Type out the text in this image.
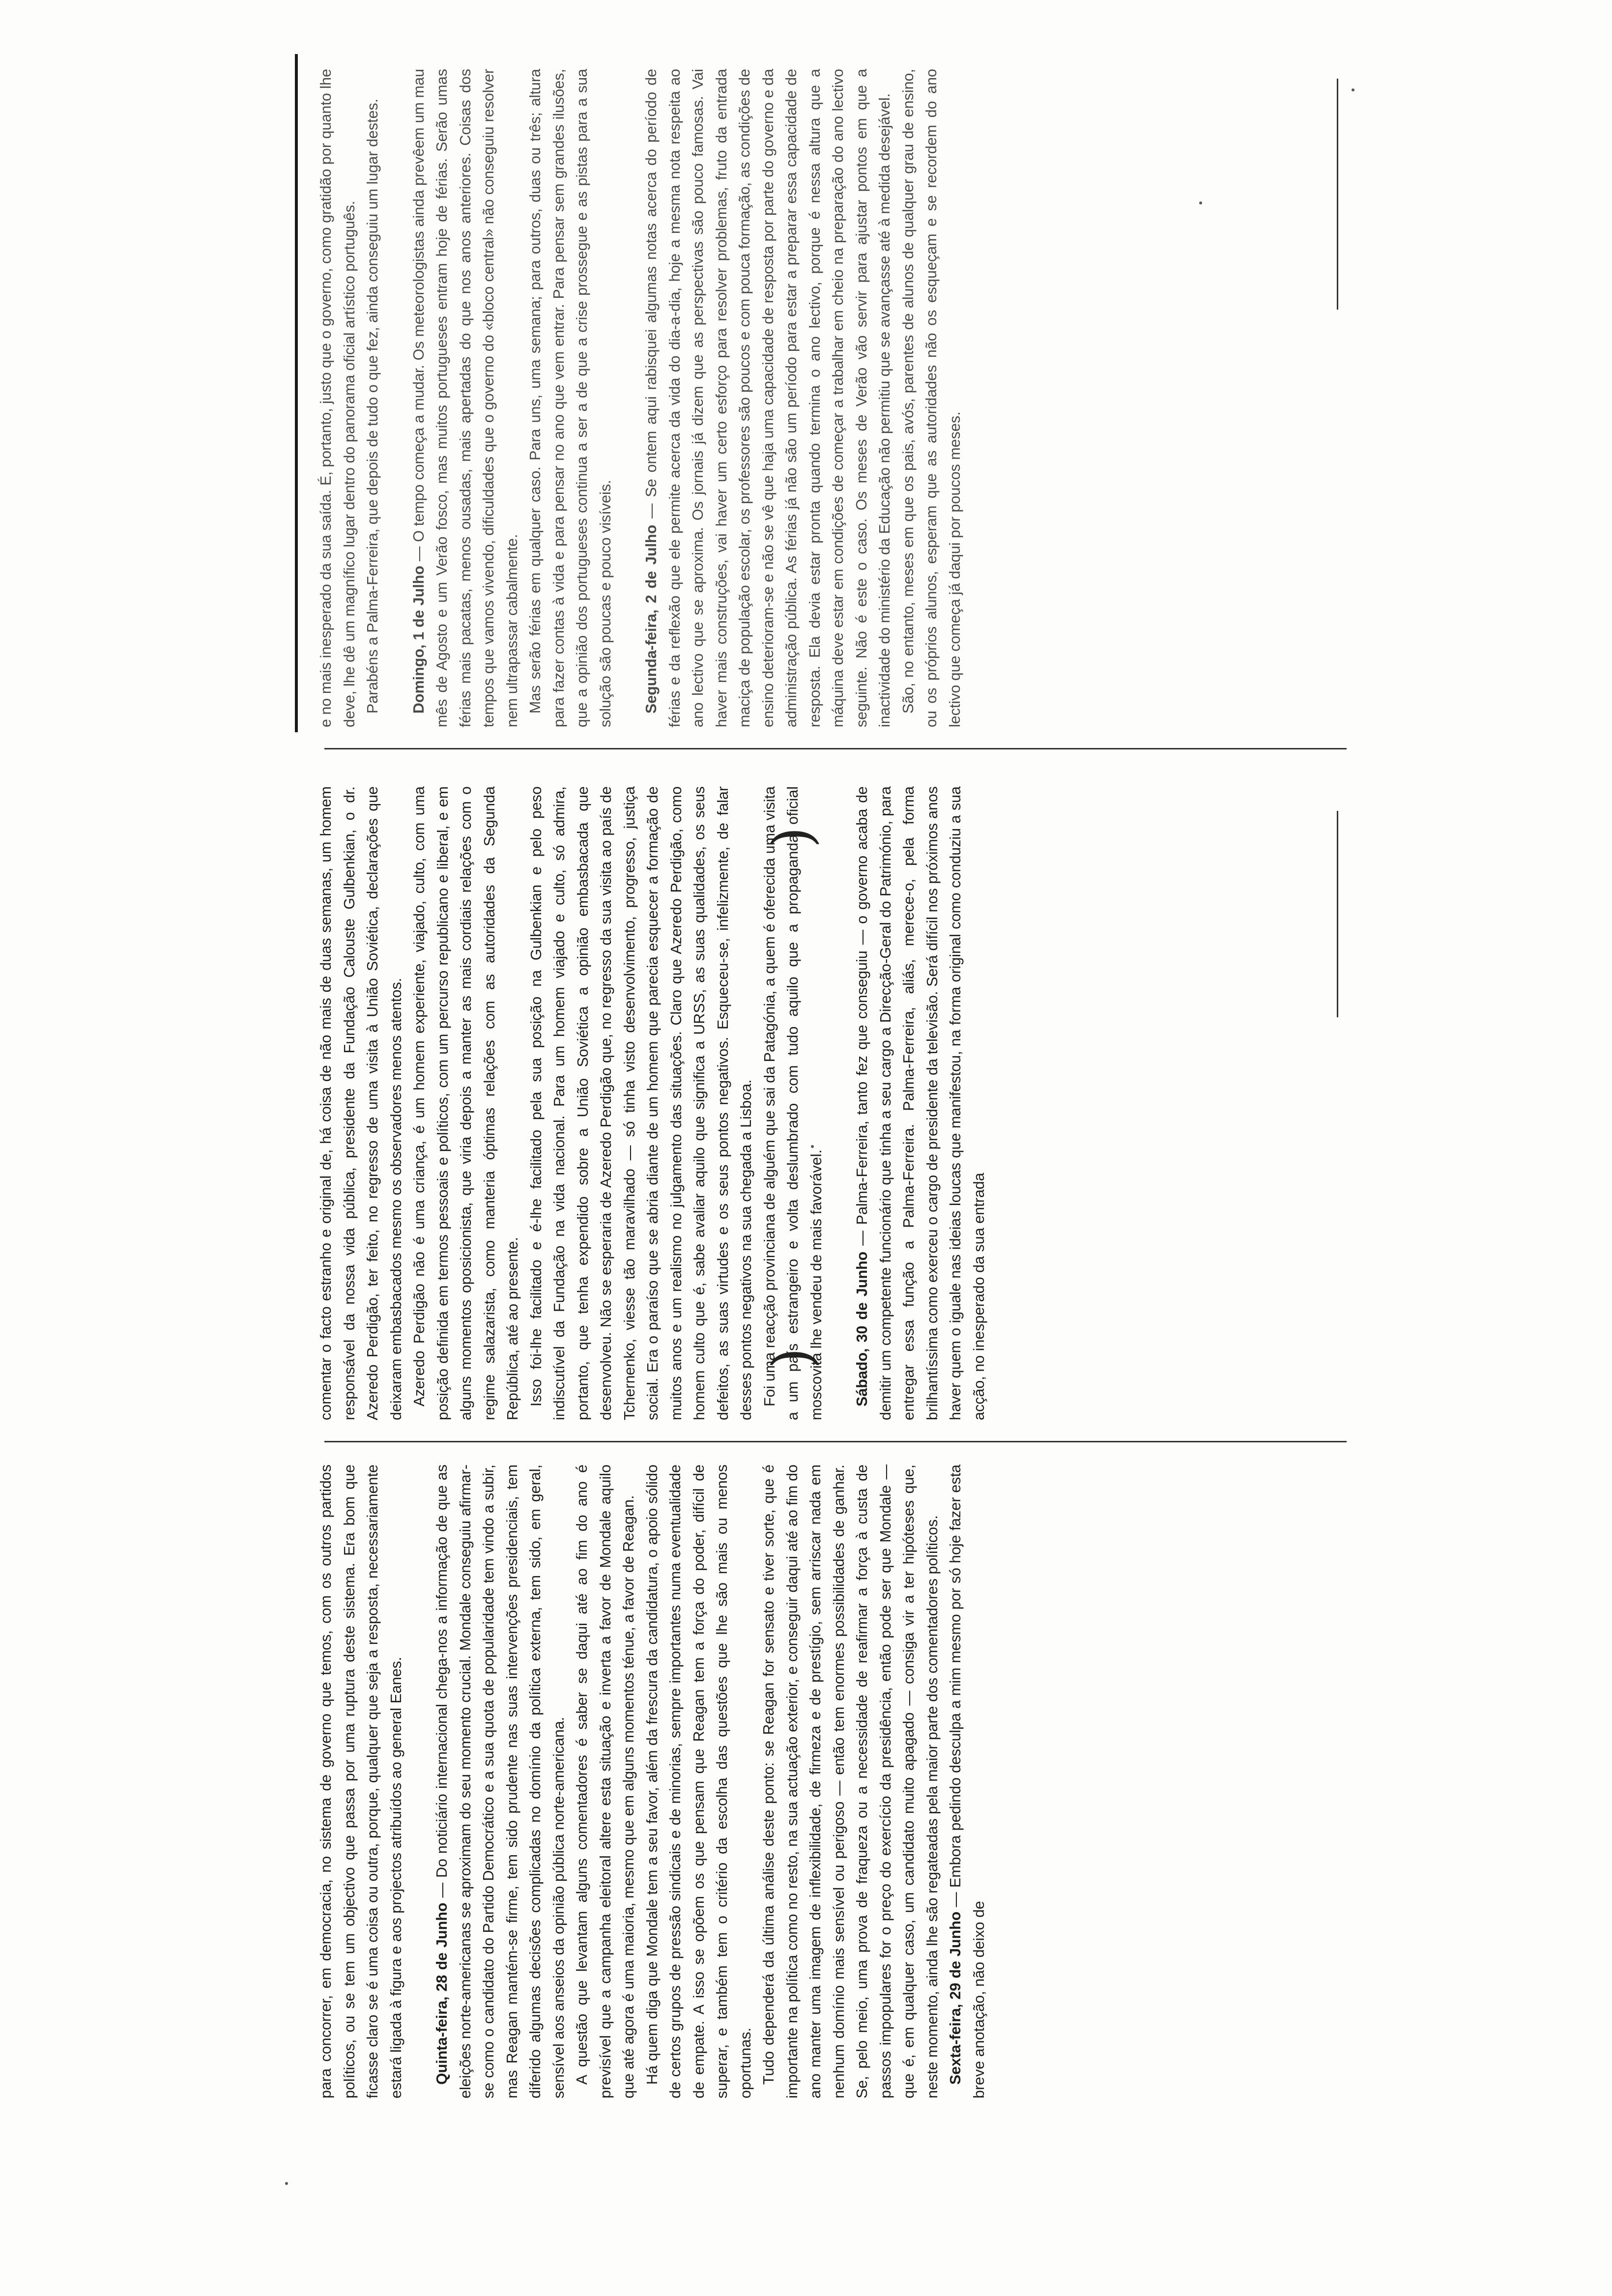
(
(

para concorrer, em democracia, no sistema de governo que temos, com os outros partidos políticos, ou se tem um objectivo que passa por uma ruptura deste sistema. Era bom que ficasse claro se é uma coisa ou outra, porque, qualquer que seja a resposta, necessariamente estará ligada à figura e aos projectos atribuídos ao general Eanes. Quinta-feira, 28 de Junho — Do noticiário internacional chega-nos a informação de que as eleições norte-americanas se aproximam do seu momento crucial. Mondale conseguiu afirmar-se como o candidato do Partido Democrático e a sua quota de popularidade tem vindo a subir, mas Reagan mantém-se firme, tem sido prudente nas suas intervenções presidenciais, tem diferido algumas decisões complicadas no domínio da política externa, tem sido, em geral, sensível aos anseios da opinião pública norte-americana. A questão que levantam alguns comentadores é saber se daqui até ao fim do ano é previsível que a campanha eleitoral altere esta situação e inverta a favor de Mondale aquilo que até agora é uma maioria, mesmo que em alguns momentos ténue, a favor de Reagan. Há quem diga que Mondale tem a seu favor, além da frescura da candidatura, o apoio sólido de certos grupos de pressão sindicais e de minorias, sempre importantes numa eventualidade de empate. A isso se opõem os que pensam que Reagan tem a força do poder, difícil de superar, e também tem o critério da escolha das questões que lhe são mais ou menos oportunas. Tudo dependerá da última análise deste ponto: se Reagan for sensato e tiver sorte, que é importante na política como no resto, na sua actuação exterior, e conseguir daqui até ao fim do ano manter uma imagem de inflexibilidade, de firmeza e de prestígio, sem arriscar nada em nenhum domínio mais sensível ou perigoso — então tem enormes possibilidades de ganhar. Se, pelo meio, uma prova de fraqueza ou a necessidade de reafirmar a força à custa de passos impopulares for o preço do exercício da presidência, então pode ser que Mondale — que é, em qualquer caso, um candidato muito apagado — consiga vir a ter hipóteses que, neste momento, ainda lhe são regateadas pela maior parte dos comentadores políticos. Sexta-feira, 29 de Junho — Embora pedindo desculpa a mim mesmo por só hoje fazer esta breve anotação, não deixo de

comentar o facto estranho e original de, há coisa de não mais de duas semanas, um homem responsável da nossa vida pública, presidente da Fundação Calouste Gulbenkian, o dr. Azeredo Perdigão, ter feito, no regresso de uma visita à União Soviética, declarações que deixaram embasbacados mesmo os observadores menos atentos. Azeredo Perdigão não é uma criança, é um homem experiente, viajado, culto, com uma posição definida em termos pessoais e políticos, com um percurso republicano e liberal, e em alguns momentos oposicionista, que viria depois a manter as mais cordiais relações com o regime salazarista, como manteria óptimas relações com as autoridades da Segunda República, até ao presente. Isso foi-lhe facilitado e é-lhe facilitado pela sua posição na Gulbenkian e pelo peso indiscutível da Fundação na vida nacional. Para um homem viajado e culto, só admira, portanto, que tenha expendido sobre a União Soviética a opinião embasbacada que desenvolveu. Não se esperaria de Azeredo Perdigão que, no regresso da sua visita ao país de Tchernenko, viesse tão maravilhado — só tinha visto desenvolvimento, progresso, justiça social. Era o paraíso que se abria diante de um homem que parecia esquecer a formação de muitos anos e um realismo no julgamento das situações. Claro que Azeredo Perdigão, como homem culto que é, sabe avaliar aquilo que significa a URSS, as suas qualidades, os seus defeitos, as suas virtudes e os seus pontos negativos. Esqueceu-se, infelizmente, de falar desses pontos negativos na sua chegada a Lisboa. Foi uma reacção provinciana de alguém que sai da Patagónia, a quem é oferecida uma visita a um país estrangeiro e volta deslumbrado com tudo aquilo que a propaganda oficial moscovita lhe vendeu de mais favorável. Sábado, 30 de Junho — Palma-Ferreira, tanto fez que conseguiu — o governo acaba de demitir um competente funcionário que tinha a seu cargo a Direcção-Geral do Património, para entregar essa função a Palma-Ferreira. Palma-Ferreira, aliás, merece-o, pela forma brilhantíssima como exerceu o cargo de presidente da televisão. Será difícil nos próximos anos haver quem o iguale nas ideias loucas que manifestou, na forma original como conduziu a sua acção, no inesperado da sua entrada

e no mais inesperado da sua saída. É, portanto, justo que o governo, como gratidão por quanto lhe deve, lhe dê um magnífico lugar dentro do panorama oficial artístico português. Parabéns a Palma-Ferreira, que depois de tudo o que fez, ainda conseguiu um lugar destes. Domingo, 1 de Julho — O tempo começa a mudar. Os meteorologistas ainda prevêem um mau mês de Agosto e um Verão fosco, mas muitos portugueses entram hoje de férias. Serão umas férias mais pacatas, menos ousadas, mais apertadas do que nos anos anteriores. Coisas dos tempos que vamos vivendo, dificuldades que o governo do «bloco central» não conseguiu resolver nem ultrapassar cabalmente. Mas serão férias em qualquer caso. Para uns, uma semana; para outros, duas ou três; altura para fazer contas à vida e para pensar no ano que vem entrar. Para pensar sem grandes ilusões, que a opinião dos portugueses continua a ser a de que a crise prossegue e as pistas para a sua solução são poucas e pouco visíveis. Segunda-feira, 2 de Julho — Se ontem aqui rabisquei algumas notas acerca do período de férias e da reflexão que ele permite acerca da vida do dia-a-dia, hoje a mesma nota respeita ao ano lectivo que se aproxima. Os jornais já dizem que as perspectivas são pouco famosas. Vai haver mais construções, vai haver um certo esforço para resolver problemas, fruto da entrada maciça de população escolar, os professores são poucos e com pouca formação, as condições de ensino deterioram-se e não se vê que haja uma capacidade de resposta por parte do governo e da administração pública. As férias já não são um período para estar a preparar essa capacidade de resposta. Ela devia estar pronta quando termina o ano lectivo, porque é nessa altura que a máquina deve estar em condições de começar a trabalhar em cheio na preparação do ano lectivo seguinte. Não é este o caso. Os meses de Verão vão servir para ajustar pontos em que a inactividade do ministério da Educação não permitiu que se avançasse até à medida desejável. São, no entanto, meses em que os pais, avós, parentes de alunos de qualquer grau de ensino, ou os próprios alunos, esperam que as autoridades não os esqueçam e se recordem do ano lectivo que começa já daqui por poucos meses.
